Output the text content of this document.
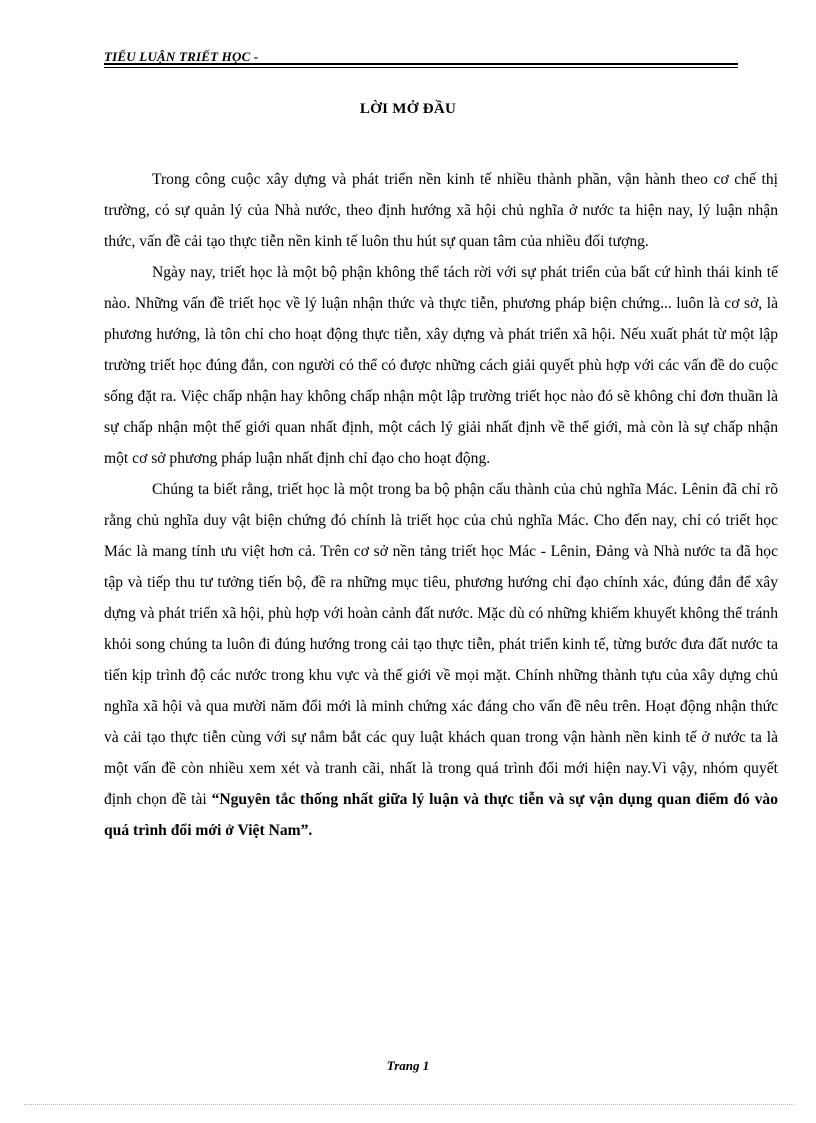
TIỂU LUẬN TRIẾT HỌC -
LỜI MỞ ĐẦU

Trong công cuộc xây dựng và phát triển nền kinh tế nhiều thành phần, vận hành theo cơ chế thị trường, có sự quản lý của Nhà nước, theo định hướng xã hội chủ nghĩa ở nước ta hiện nay, lý luận nhận thức, vấn đề cải tạo thực tiễn nền kinh tế luôn thu hút sự quan tâm của nhiều đối tượng.

Ngày nay, triết học là một bộ phận không thể tách rời với sự phát triển của bất cứ hình thái kinh tế nào. Những vấn đề triết học về lý luận nhận thức và thực tiễn, phương pháp biện chứng... luôn là cơ sở, là phương hướng, là tôn chỉ cho hoạt động thực tiễn, xây dựng và phát triển xã hội. Nếu xuất phát từ một lập trường triết học đúng đắn, con người có thể có được những cách giải quyết phù hợp với các vấn đề do cuộc sống đặt ra. Việc chấp nhận hay không chấp nhận một lập trường triết học nào đó sẽ không chỉ đơn thuần là sự chấp nhận một thế giới quan nhất định, một cách lý giải nhất định về thế giới, mà còn là sự chấp nhận một cơ sở phương pháp luận nhất định chỉ đạo cho hoạt động.

Chúng ta biết rằng, triết học là một trong ba bộ phận cấu thành của chủ nghĩa Mác. Lênin đã chỉ rõ rằng chủ nghĩa duy vật biện chứng đó chính là triết học của chủ nghĩa Mác. Cho đến nay, chỉ có triết học Mác là mang tính ưu việt hơn cả. Trên cơ sở nền tảng triết học Mác - Lênin, Đảng và Nhà nước ta đã học tập và tiếp thu tư tưởng tiến bộ, đề ra những mục tiêu, phương hướng chỉ đạo chính xác, đúng đắn để xây dựng và phát triển xã hội, phù hợp với hoàn cảnh đất nước. Mặc dù có những khiếm khuyết không thể tránh khỏi song chúng ta luôn đi đúng hướng trong cải tạo thực tiễn, phát triển kinh tế, từng bước đưa đất nước ta tiến kịp trình độ các nước trong khu vực và thế giới về mọi mặt. Chính những thành tựu của xây dựng chủ nghĩa xã hội và qua mười năm đổi mới là minh chứng xác đáng cho vấn đề nêu trên. Hoạt động nhận thức và cải tạo thực tiễn cùng với sự nắm bắt các quy luật khách quan trong vận hành nền kinh tế ở nước ta là một vấn đề còn nhiều xem xét và tranh cãi, nhất là trong quá trình đổi mới hiện nay.Vì vậy, nhóm quyết định chọn đề tài “Nguyên tắc thống nhất giữa lý luận và thực tiễn và sự vận dụng quan điểm đó vào quá trình đổi mới ở Việt Nam”.

Trang 1
